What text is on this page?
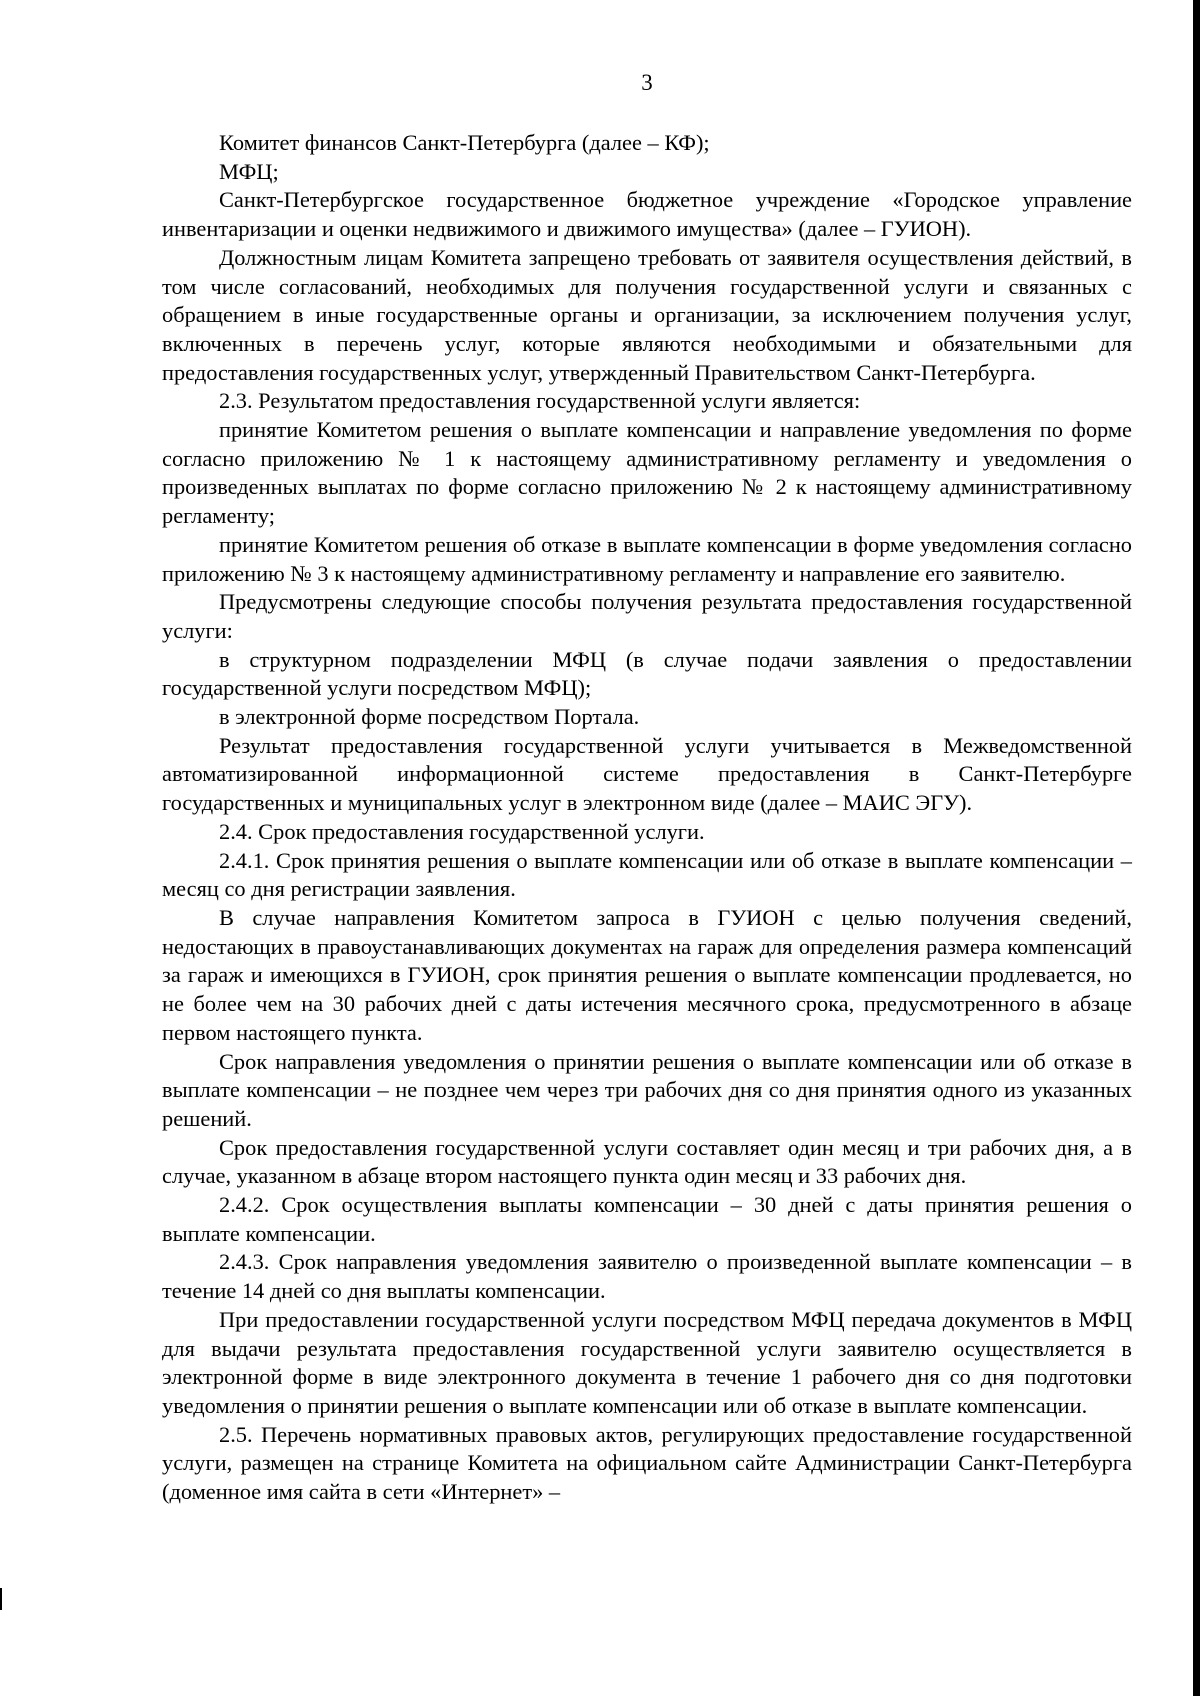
3

Комитет финансов Санкт-Петербурга (далее – КФ);

МФЦ;

Санкт-Петербургское государственное бюджетное учреждение «Городское управление инвентаризации и оценки недвижимого и движимого имущества» (далее – ГУИОН).

Должностным лицам Комитета запрещено требовать от заявителя осуществления действий, в том числе согласований, необходимых для получения государственной услуги и связанных с обращением в иные государственные органы и организации, за исключением получения услуг, включенных в перечень услуг, которые являются необходимыми и обязательными для предоставления государственных услуг, утвержденный Правительством Санкт-Петербурга.

2.3. Результатом предоставления государственной услуги является:

принятие Комитетом решения о выплате компенсации и направление уведомления по форме согласно приложению № 1 к настоящему административному регламенту и уведомления о произведенных выплатах по форме согласно приложению № 2 к настоящему административному регламенту;

принятие Комитетом решения об отказе в выплате компенсации в форме уведомления согласно приложению № 3 к настоящему административному регламенту и направление его заявителю.

Предусмотрены следующие способы получения результата предоставления государственной услуги:

в структурном подразделении МФЦ (в случае подачи заявления о предоставлении государственной услуги посредством МФЦ);

в электронной форме посредством Портала.

Результат предоставления государственной услуги учитывается в Межведомственной автоматизированной информационной системе предоставления в Санкт-Петербурге государственных и муниципальных услуг в электронном виде (далее – МАИС ЭГУ).

2.4. Срок предоставления государственной услуги.

2.4.1. Срок принятия решения о выплате компенсации или об отказе в выплате компенсации – месяц со дня регистрации заявления.

В случае направления Комитетом запроса в ГУИОН с целью получения сведений, недостающих в правоустанавливающих документах на гараж для определения размера компенсаций за гараж и имеющихся в ГУИОН, срок принятия решения о выплате компенсации продлевается, но не более чем на 30 рабочих дней с даты истечения месячного срока, предусмотренного в абзаце первом настоящего пункта.

Срок направления уведомления о принятии решения о выплате компенсации или об отказе в выплате компенсации – не позднее чем через три рабочих дня со дня принятия одного из указанных решений.

Срок предоставления государственной услуги составляет один месяц и три рабочих дня, а в случае, указанном в абзаце втором настоящего пункта один месяц и 33 рабочих дня.

2.4.2. Срок осуществления выплаты компенсации – 30 дней с даты принятия решения о выплате компенсации.

2.4.3. Срок направления уведомления заявителю о произведенной выплате компенсации – в течение 14 дней со дня выплаты компенсации.

При предоставлении государственной услуги посредством МФЦ передача документов в МФЦ для выдачи результата предоставления государственной услуги заявителю осуществляется в электронной форме в виде электронного документа в течение 1 рабочего дня со дня подготовки уведомления о принятии решения о выплате компенсации или об отказе в выплате компенсации.

2.5. Перечень нормативных правовых актов, регулирующих предоставление государственной услуги, размещен на странице Комитета на официальном сайте Администрации Санкт-Петербурга (доменное имя сайта в сети «Интернет» –
